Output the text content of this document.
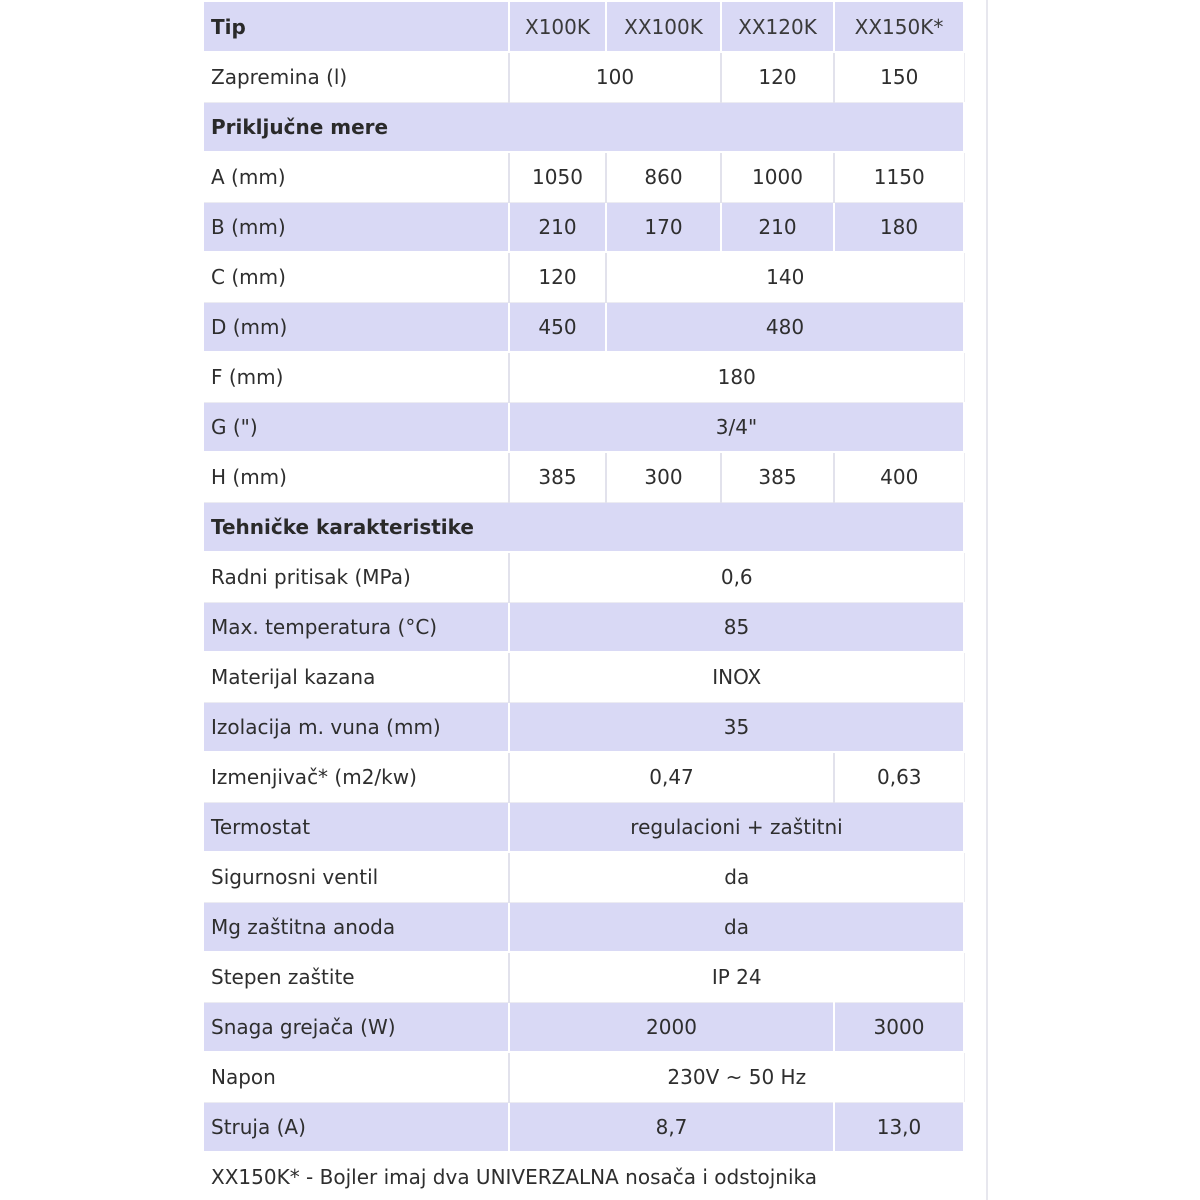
Tip	X100K	XX100K	XX120K	XX150K*
Zapremina (l)	100		120	150
Priključne mere				
A (mm)	1050	860	1000	1150
B (mm)	210	170	210	180
C (mm)	120	140		
D (mm)	450	480		
F (mm)	180			
G (")	3/4"			
H (mm)	385	300	385	400
Tehničke karakteristike				
Radni pritisak (MPa)	0,6			
Max. temperatura (°C)	85			
Materijal kazana	INOX			
Izolacija m. vuna (mm)	35			
Izmenjivač* (m2/kw)	0,47			0,63
Termostat	regulacioni + zaštitni			
Sigurnosni ventil	da			
Mg zaštitna anoda	da			
Stepen zaštite	IP 24			
Snaga grejača (W)	2000			3000
Napon	230V ~ 50 Hz			
Struja (A)	8,7			13,0
XX150K* - Bojler imaj dva UNIVERZALNA nosača i odstojnika				
